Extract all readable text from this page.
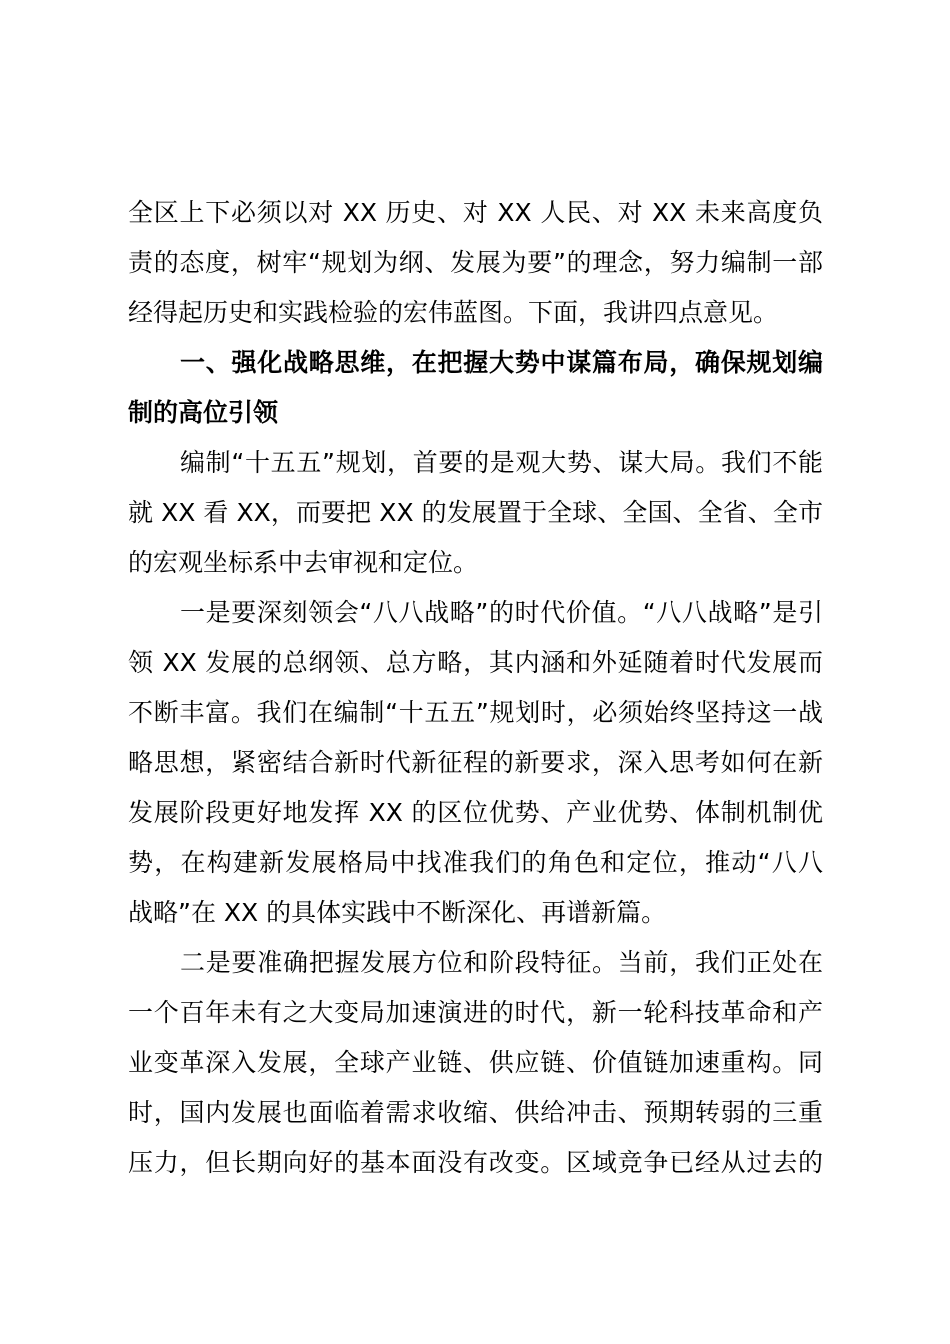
全区上下必须以对 XX 历史、对 XX 人民、对 XX 未来高度负
责的态度，树牢“规划为纲、发展为要”的理念，努力编制一部
经得起历史和实践检验的宏伟蓝图。下面，我讲四点意见。
一、强化战略思维，在把握大势中谋篇布局，确保规划编
制的高位引领
编制“十五五”规划，首要的是观大势、谋大局。我们不能
就 XX 看 XX，而要把 XX 的发展置于全球、全国、全省、全市
的宏观坐标系中去审视和定位。
一是要深刻领会“八八战略”的时代价值。“八八战略”是引
领 XX 发展的总纲领、总方略，其内涵和外延随着时代发展而
不断丰富。我们在编制“十五五”规划时，必须始终坚持这一战
略思想，紧密结合新时代新征程的新要求，深入思考如何在新
发展阶段更好地发挥 XX 的区位优势、产业优势、体制机制优
势，在构建新发展格局中找准我们的角色和定位，推动“八八
战略”在 XX 的具体实践中不断深化、再谱新篇。
二是要准确把握发展方位和阶段特征。当前，我们正处在
一个百年未有之大变局加速演进的时代，新一轮科技革命和产
业变革深入发展，全球产业链、供应链、价值链加速重构。同
时，国内发展也面临着需求收缩、供给冲击、预期转弱的三重
压力，但长期向好的基本面没有改变。区域竞争已经从过去的
